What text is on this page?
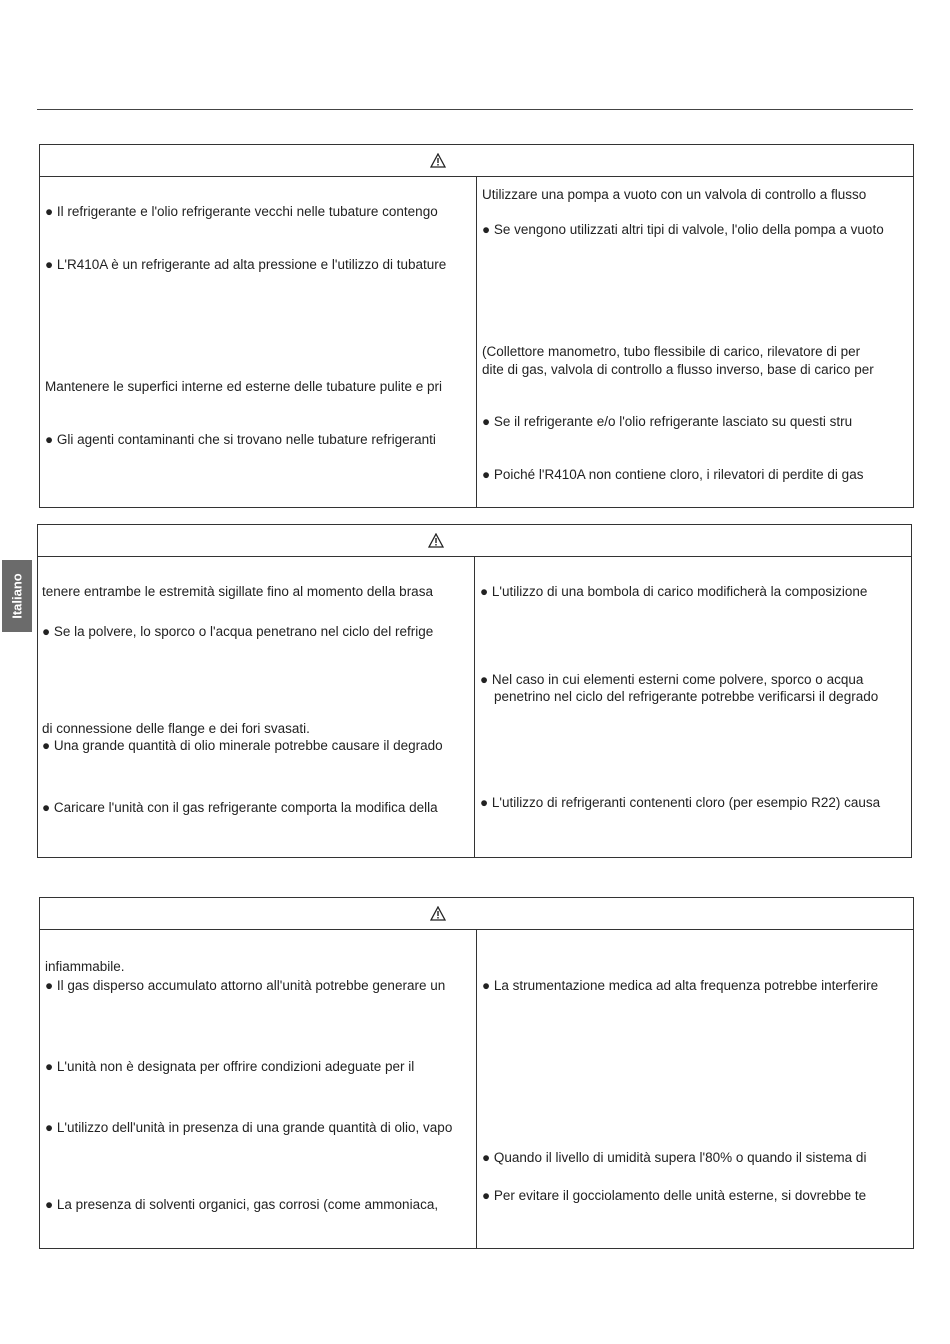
Italiano
● Il refrigerante e l'olio refrigerante vecchi nelle tubature contengo
● L'R410A è un refrigerante ad alta pressione e l'utilizzo di tubature
Mantenere le superfici interne ed esterne delle tubature pulite e pri
● Gli agenti contaminanti che si trovano nelle tubature refrigeranti
Utilizzare una pompa a vuoto con un valvola di controllo a flusso
● Se vengono utilizzati altri tipi di valvole, l'olio della pompa a vuoto
(Collettore manometro, tubo flessibile di carico, rilevatore di per
dite di gas, valvola di controllo a flusso inverso, base di carico per
● Se il refrigerante e/o l'olio refrigerante lasciato su questi stru
● Poiché l'R410A non contiene cloro, i rilevatori di perdite di gas
tenere entrambe le estremità sigillate fino al momento della brasa
● Se la polvere, lo sporco o l'acqua penetrano nel ciclo del refrige
di connessione delle flange e dei fori svasati.
● Una grande quantità di olio minerale potrebbe causare il degrado
● Caricare l'unità con il gas refrigerante comporta la modifica della
● L'utilizzo di una bombola di carico modificherà la composizione
● Nel caso in cui elementi esterni come polvere, sporco o acqua
penetrino nel ciclo del refrigerante potrebbe verificarsi il degrado
● L'utilizzo di refrigeranti contenenti cloro (per esempio R22) causa
infiammabile.
● Il gas disperso accumulato attorno all'unità potrebbe generare un
● L'unità non è designata per offrire condizioni adeguate per il
● L'utilizzo dell'unità in presenza di una grande quantità di olio, vapo
● La presenza di solventi organici, gas corrosi (come ammoniaca,
● La strumentazione medica ad alta frequenza potrebbe interferire
● Quando il livello di umidità supera l'80% o quando il sistema di
● Per evitare il gocciolamento delle unità esterne, si dovrebbe te
